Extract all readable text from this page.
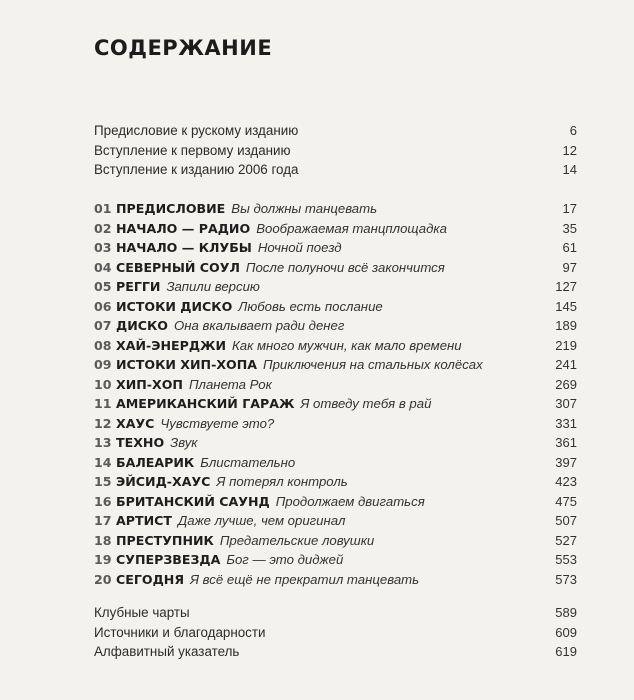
СОДЕРЖАНИЕ
Предисловие к рускому изданию	6
Вступление к первому изданию	12
Вступление к изданию 2006 года	14
01 ПРЕДИСЛОВИЕ Вы должны танцевать	17
02 НАЧАЛО — РАДИО Воображаемая танцплощадка	35
03 НАЧАЛО — КЛУБЫ Ночной поезд	61
04 СЕВЕРНЫЙ СОУЛ После полуночи всё закончится	97
05 РЕГГИ Запили версию	127
06 ИСТОКИ ДИСКО Любовь есть послание	145
07 ДИСКО Она вкалывает ради денег	189
08 ХАЙ-ЭНЕРДЖИ Как много мужчин, как мало времени	219
09 ИСТОКИ ХИП-ХОПА Приключения на стальных колёсах	241
10 ХИП-ХОП Планета Рок	269
11 АМЕРИКАНСКИЙ ГАРАЖ Я отведу тебя в рай	307
12 ХАУС Чувствуете это?	331
13 ТЕХНО Звук	361
14 БАЛЕАРИК Блистательно	397
15 ЭЙСИД-ХАУС Я потерял контроль	423
16 БРИТАНСКИЙ САУНД Продолжаем двигаться	475
17 АРТИСТ Даже лучше, чем оригинал	507
18 ПРЕСТУПНИК Предательские ловушки	527
19 СУПЕРЗВЕЗДА Бог — это диджей	553
20 СЕГОДНЯ Я всё ещё не прекратил танцевать	573
Клубные чарты	589
Источники и благодарности	609
Алфавитный указатель	619
